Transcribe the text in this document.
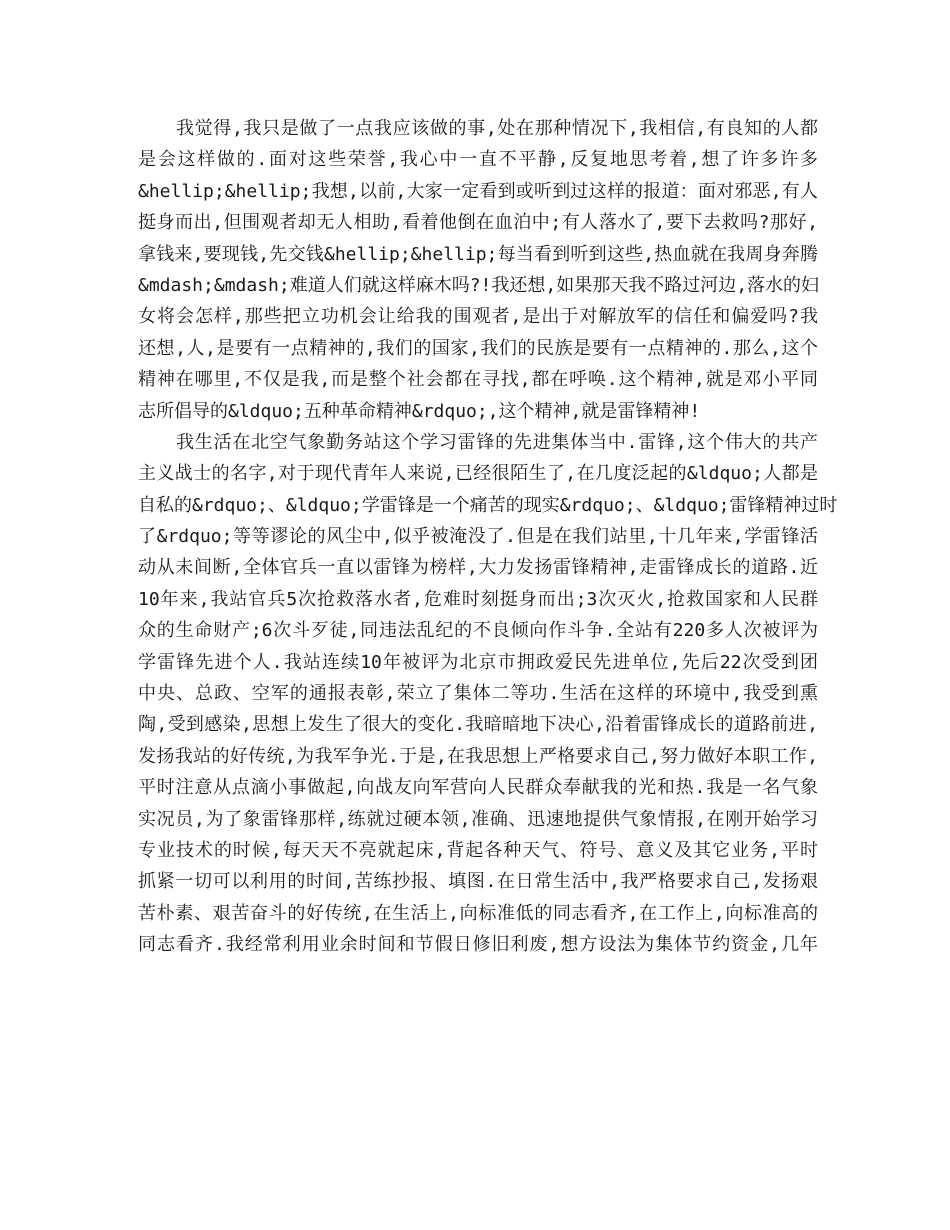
我觉得,我只是做了一点我应该做的事,处在那种情况下,我相信,有良知的人都
是会这样做的.面对这些荣誉,我心中一直不平静,反复地思考着,想了许多许多
&hellip;&hellip;我想,以前,大家一定看到或听到过这样的报道：面对邪恶,有人
挺身而出,但围观者却无人相助,看着他倒在血泊中;有人落水了,要下去救吗?那好,
拿钱来,要现钱,先交钱&hellip;&hellip;每当看到听到这些,热血就在我周身奔腾
&mdash;&mdash;难道人们就这样麻木吗?!我还想,如果那天我不路过河边,落水的妇
女将会怎样,那些把立功机会让给我的围观者,是出于对解放军的信任和偏爱吗?我
还想,人,是要有一点精神的,我们的国家,我们的民族是要有一点精神的.那么,这个
精神在哪里,不仅是我,而是整个社会都在寻找,都在呼唤.这个精神,就是邓小平同
志所倡导的&ldquo;五种革命精神&rdquo;,这个精神,就是雷锋精神!
我生活在北空气象勤务站这个学习雷锋的先进集体当中.雷锋,这个伟大的共产
主义战士的名字,对于现代青年人来说,已经很陌生了,在几度泛起的&ldquo;人都是
自私的&rdquo;、&ldquo;学雷锋是一个痛苦的现实&rdquo;、&ldquo;雷锋精神过时
了&rdquo;等等谬论的风尘中,似乎被淹没了.但是在我们站里,十几年来,学雷锋活
动从未间断,全体官兵一直以雷锋为榜样,大力发扬雷锋精神,走雷锋成长的道路.近
10年来,我站官兵5次抢救落水者,危难时刻挺身而出;3次灭火,抢救国家和人民群
众的生命财产;6次斗歹徒,同违法乱纪的不良倾向作斗争.全站有220多人次被评为
学雷锋先进个人.我站连续10年被评为北京市拥政爱民先进单位,先后22次受到团
中央、总政、空军的通报表彰,荣立了集体二等功.生活在这样的环境中,我受到熏
陶,受到感染,思想上发生了很大的变化.我暗暗地下决心,沿着雷锋成长的道路前进,
发扬我站的好传统,为我军争光.于是,在我思想上严格要求自己,努力做好本职工作,
平时注意从点滴小事做起,向战友向军营向人民群众奉献我的光和热.我是一名气象
实况员,为了象雷锋那样,练就过硬本领,准确、迅速地提供气象情报,在刚开始学习
专业技术的时候,每天天不亮就起床,背起各种天气、符号、意义及其它业务,平时
抓紧一切可以利用的时间,苦练抄报、填图.在日常生活中,我严格要求自己,发扬艰
苦朴素、艰苦奋斗的好传统,在生活上,向标准低的同志看齐,在工作上,向标准高的
同志看齐.我经常利用业余时间和节假日修旧利废,想方设法为集体节约资金,几年
